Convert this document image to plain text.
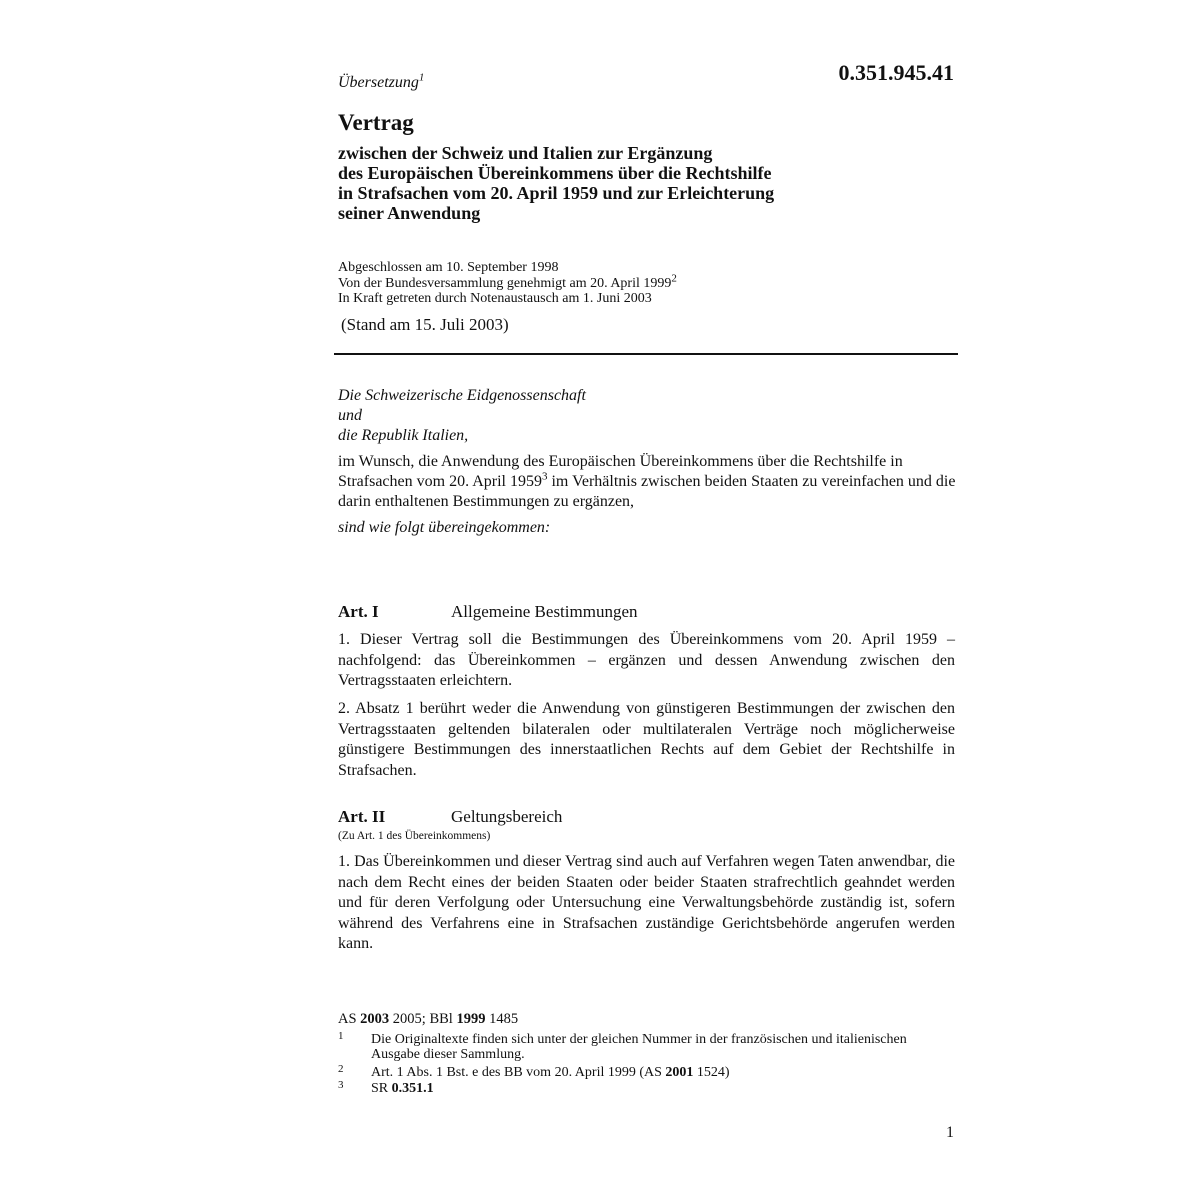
Übersetzung$^1$	0.351.945.41
Vertrag
zwischen der Schweiz und Italien zur Ergänzung
des Europäischen Übereinkommens über die Rechtshilfe
in Strafsachen vom 20. April 1959 und zur Erleichterung
seiner Anwendung
Abgeschlossen am 10. September 1998
Von der Bundesversammlung genehmigt am 20. April 1999$^2$
In Kraft getreten durch Notenaustausch am 1. Juni 2003
(Stand am 15. Juli 2003)
Die Schweizerische Eidgenossenschaft
und
die Republik Italien,
im Wunsch, die Anwendung des Europäischen Übereinkommens über die Rechtshilfe in Strafsachen vom 20. April 1959$^3$ im Verhältnis zwischen beiden Staaten zu vereinfachen und die darin enthaltenen Bestimmungen zu ergänzen,
sind wie folgt übereingekommen:
Art. I	Allgemeine Bestimmungen
1. Dieser Vertrag soll die Bestimmungen des Übereinkommens vom 20. April 1959 – nachfolgend: das Übereinkommen – ergänzen und dessen Anwendung zwischen den Vertragsstaaten erleichtern.
2. Absatz 1 berührt weder die Anwendung von günstigeren Bestimmungen der zwischen den Vertragsstaaten geltenden bilateralen oder multilateralen Verträge noch möglicherweise günstigere Bestimmungen des innerstaatlichen Rechts auf dem Gebiet der Rechtshilfe in Strafsachen.
Art. II	Geltungsbereich
(Zu Art. 1 des Übereinkommens)
1. Das Übereinkommen und dieser Vertrag sind auch auf Verfahren wegen Taten anwendbar, die nach dem Recht eines der beiden Staaten oder beider Staaten strafrechtlich geahndet werden und für deren Verfolgung oder Untersuchung eine Verwaltungsbehörde zuständig ist, sofern während des Verfahrens eine in Strafsachen zuständige Gerichtsbehörde angerufen werden kann.
AS 2003 2005; BBl 1999 1485
1 Die Originaltexte finden sich unter der gleichen Nummer in der französischen und italienischen Ausgabe dieser Sammlung.
2 Art. 1 Abs. 1 Bst. e des BB vom 20. April 1999 (AS 2001 1524)
3 SR 0.351.1
1
